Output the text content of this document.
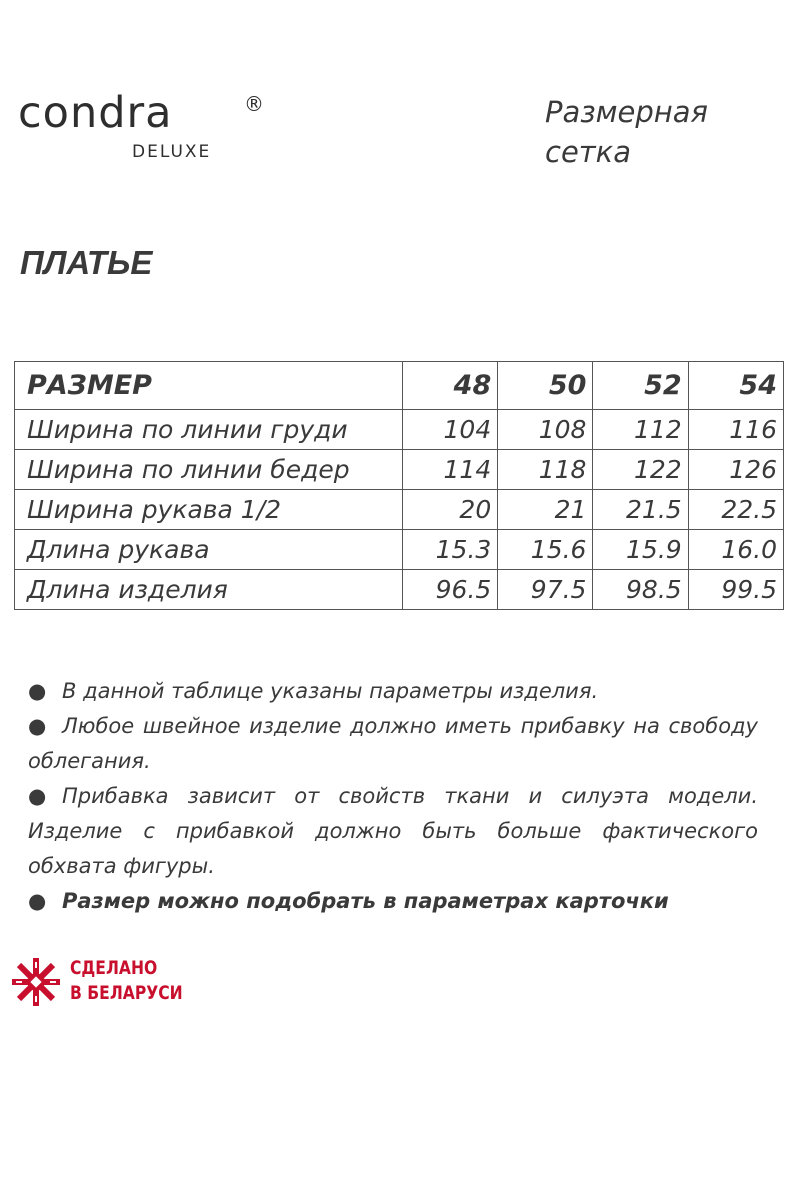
condra	®
DELUXE
Размерная сетка
ПЛАТЬЕ
РАЗМЕР	48	50	52	54
Ширина по линии груди	104	108	112	116
Ширина по линии бедер	114	118	122	126
Ширина рукава 1/2	20	21	21.5	22.5
Длина рукава	15.3	15.6	15.9	16.0
Длина изделия	96.5	97.5	98.5	99.5
● В данной таблице указаны параметры изделия.
● Любое швейное изделие должно иметь прибавку на свободу облегания.
● Прибавка зависит от свойств ткани и силуэта модели. Изделие с прибавкой должно быть больше фактического обхвата фигуры.
● Размер можно подобрать в параметрах карточки
СДЕЛАНО
В БЕЛАРУСИ
